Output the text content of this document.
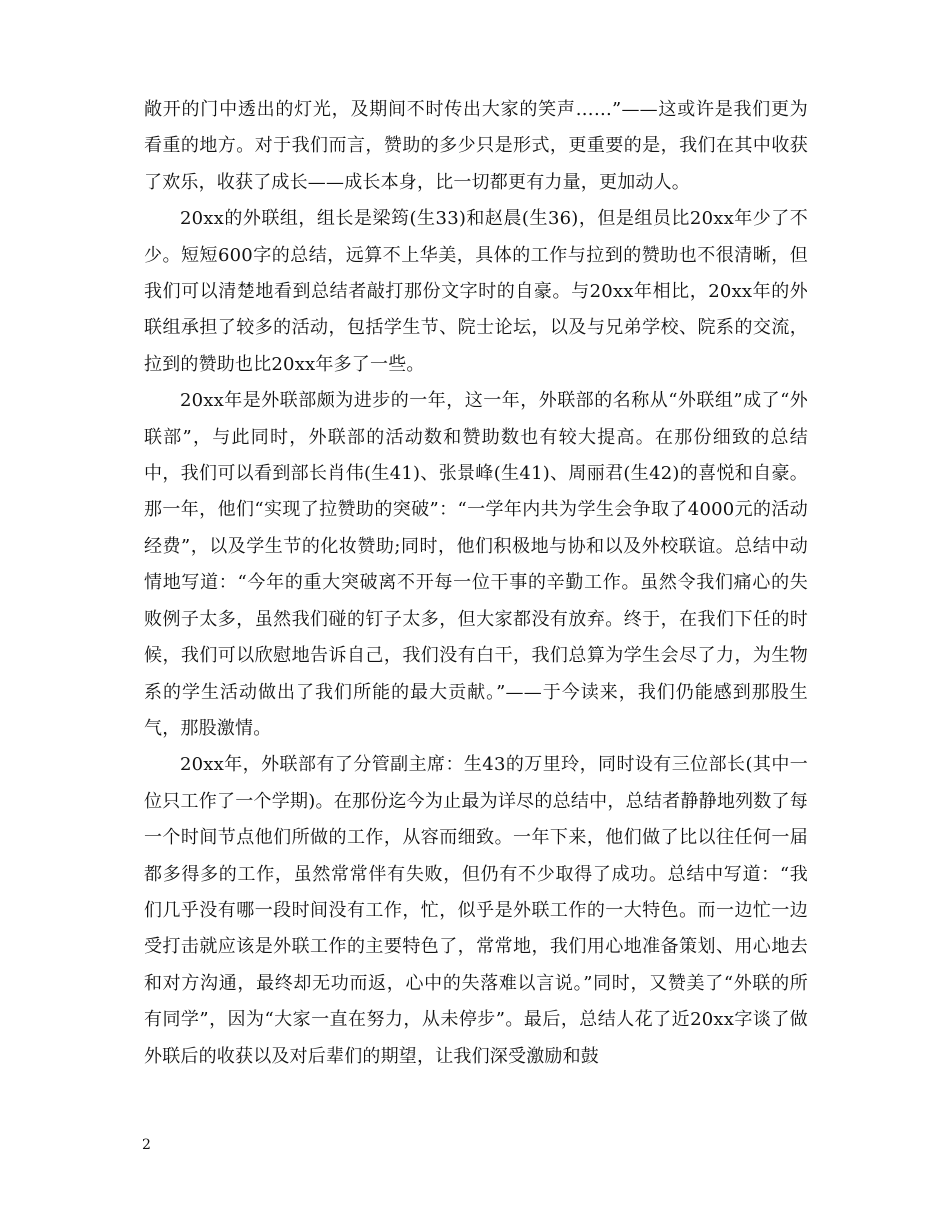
敞开的门中透出的灯光，及期间不时传出大家的笑声……”——这或许是我们更为看重的地方。对于我们而言，赞助的多少只是形式，更重要的是，我们在其中收获了欢乐，收获了成长——成长本身，比一切都更有力量，更加动人。

20xx的外联组，组长是梁筠(生33)和赵晨(生36)，但是组员比20xx年少了不少。短短600字的总结，远算不上华美，具体的工作与拉到的赞助也不很清晰，但我们可以清楚地看到总结者敲打那份文字时的自豪。与20xx年相比，20xx年的外联组承担了较多的活动，包括学生节、院士论坛，以及与兄弟学校、院系的交流，拉到的赞助也比20xx年多了一些。

20xx年是外联部颇为进步的一年，这一年，外联部的名称从“外联组”成了“外联部”，与此同时，外联部的活动数和赞助数也有较大提高。在那份细致的总结中，我们可以看到部长肖伟(生41)、张景峰(生41)、周丽君(生42)的喜悦和自豪。那一年，他们“实现了拉赞助的突破”：“一学年内共为学生会争取了4000元的活动经费”，以及学生节的化妆赞助;同时，他们积极地与协和以及外校联谊。总结中动情地写道：“今年的重大突破离不开每一位干事的辛勤工作。虽然令我们痛心的失败例子太多，虽然我们碰的钉子太多，但大家都没有放弃。终于，在我们下任的时候，我们可以欣慰地告诉自己，我们没有白干，我们总算为学生会尽了力，为生物系的学生活动做出了我们所能的最大贡献。”——于今读来，我们仍能感到那股生气，那股激情。

20xx年，外联部有了分管副主席：生43的万里玲，同时设有三位部长(其中一位只工作了一个学期)。在那份迄今为止最为详尽的总结中，总结者静静地列数了每一个时间节点他们所做的工作，从容而细致。一年下来，他们做了比以往任何一届都多得多的工作，虽然常常伴有失败，但仍有不少取得了成功。总结中写道：“我们几乎没有哪一段时间没有工作，忙，似乎是外联工作的一大特色。而一边忙一边受打击就应该是外联工作的主要特色了，常常地，我们用心地准备策划、用心地去和对方沟通，最终却无功而返，心中的失落难以言说。”同时，又赞美了“外联的所有同学”，因为“大家一直在努力，从未停步”。最后，总结人花了近20xx字谈了做外联后的收获以及对后辈们的期望，让我们深受激励和鼓

2
